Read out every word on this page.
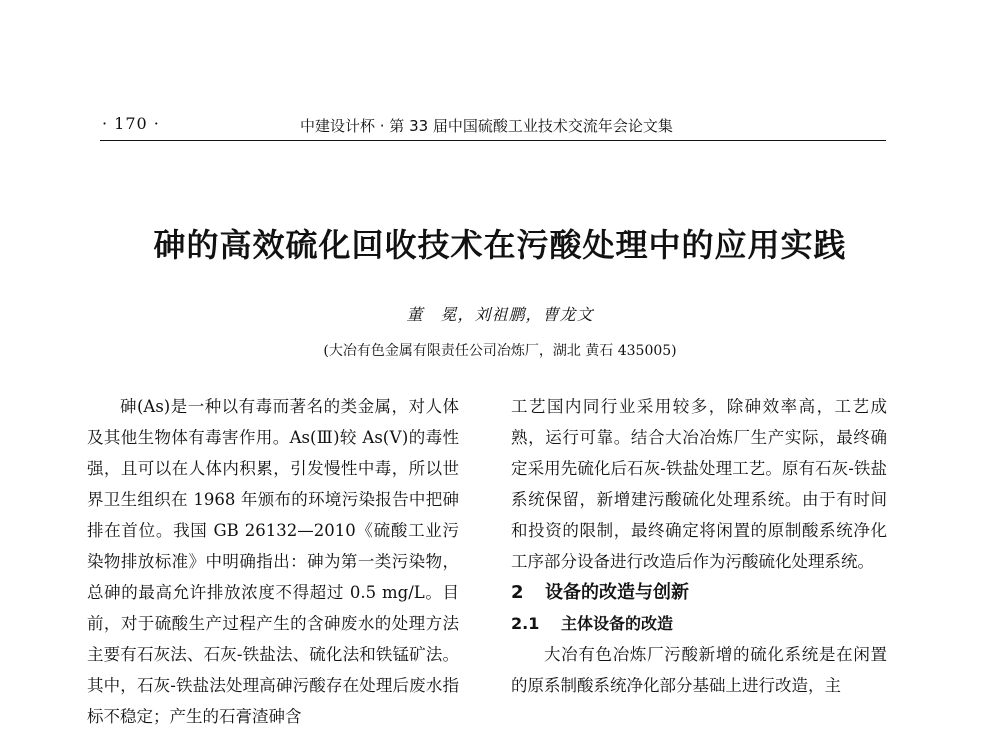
· 170 ·	中建设计杯 · 第 33 届中国硫酸工业技术交流年会论文集
砷的高效硫化回收技术在污酸处理中的应用实践
董　冕，刘祖鹏，曹龙文
(大冶有色金属有限责任公司冶炼厂，湖北 黄石 435005)

砷(As)是一种以有毒而著名的类金属，对人体及其他生物体有毒害作用。As(Ⅲ)较 As(Ⅴ)的毒性强，且可以在人体内积累，引发慢性中毒，所以世界卫生组织在 1968 年颁布的环境污染报告中把砷排在首位。我国 GB 26132—2010《硫酸工业污染物排放标准》中明确指出：砷为第一类污染物，总砷的最高允许排放浓度不得超过 0.5 mg/L。目前，对于硫酸生产过程产生的含砷废水的处理方法主要有石灰法、石灰-铁盐法、硫化法和铁锰矿法。其中，石灰-铁盐法处理高砷污酸存在处理后废水指标不稳定；产生的石膏渣砷含

工艺国内同行业采用较多，除砷效率高，工艺成熟，运行可靠。结合大冶冶炼厂生产实际，最终确定采用先硫化后石灰-铁盐处理工艺。原有石灰-铁盐系统保留，新增建污酸硫化处理系统。由于有时间和投资的限制，最终确定将闲置的原制酸系统净化工序部分设备进行改造后作为污酸硫化处理系统。

2 设备的改造与创新

2.1 主体设备的改造

大冶有色冶炼厂污酸新增的硫化系统是在闲置的原系制酸系统净化部分基础上进行改造，主
